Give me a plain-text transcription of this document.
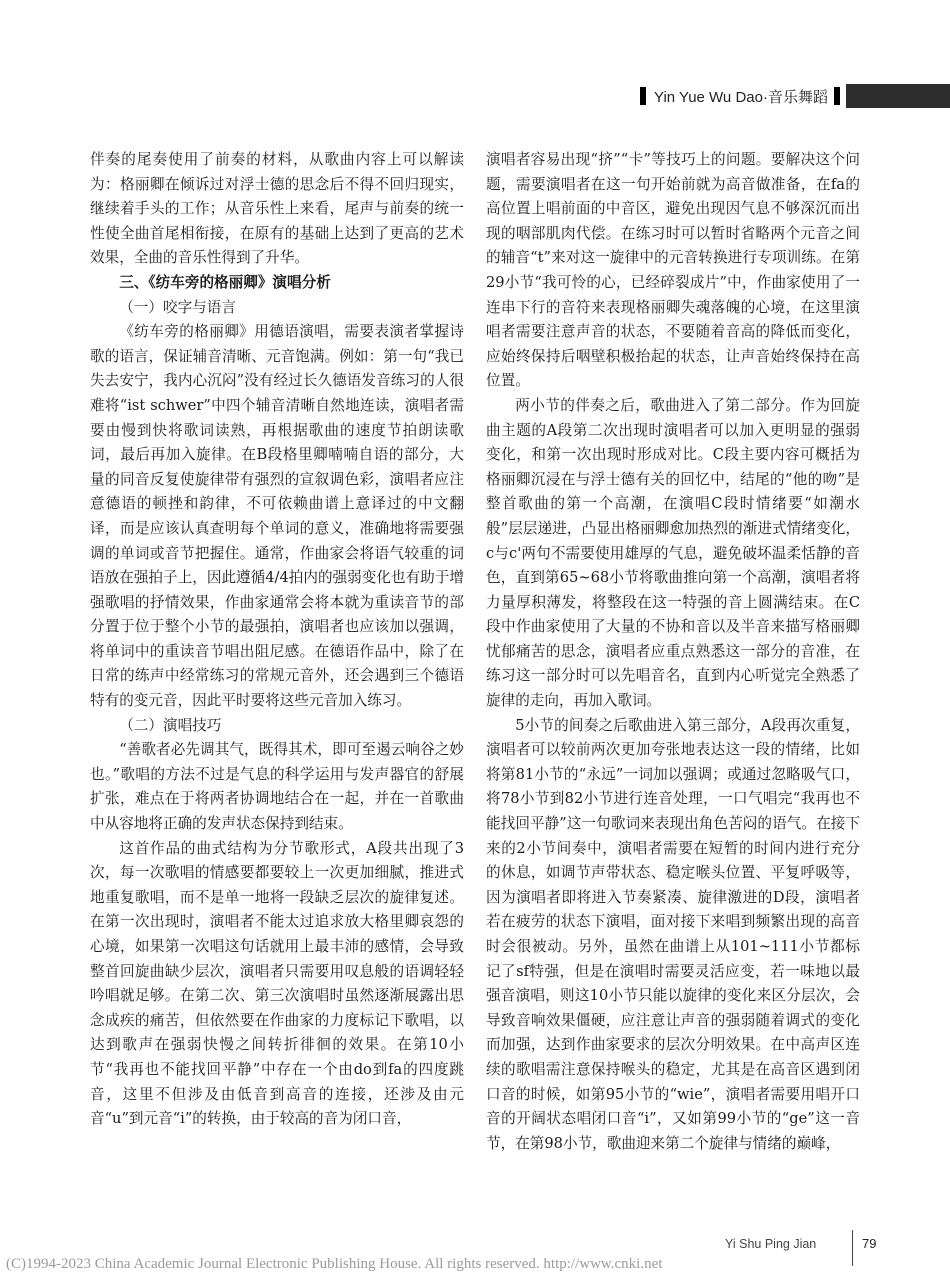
Yin Yue Wu Dao·音乐舞蹈

伴奏的尾奏使用了前奏的材料，从歌曲内容上可以解读为：格丽卿在倾诉过对浮士德的思念后不得不回归现实，继续着手头的工作；从音乐性上来看，尾声与前奏的统一性使全曲首尾相衔接，在原有的基础上达到了更高的艺术效果，全曲的音乐性得到了升华。

三、《纺车旁的格丽卿》演唱分析
（一）咬字与语言

《纺车旁的格丽卿》用德语演唱，需要表演者掌握诗歌的语言，保证辅音清晰、元音饱满。例如：第一句“我已失去安宁，我内心沉闷”没有经过长久德语发音练习的人很难将“ist schwer”中四个辅音清晰自然地连读，演唱者需要由慢到快将歌词读熟，再根据歌曲的速度节拍朗读歌词，最后再加入旋律。在B段格里卿喃喃自语的部分，大量的同音反复使旋律带有强烈的宣叙调色彩，演唱者应注意德语的顿挫和韵律，不可依赖曲谱上意译过的中文翻译，而是应该认真查明每个单词的意义，准确地将需要强调的单词或音节把握住。通常，作曲家会将语气较重的词语放在强拍子上，因此遵循4/4拍内的强弱变化也有助于增强歌唱的抒情效果，作曲家通常会将本就为重读音节的部分置于位于整个小节的最强拍，演唱者也应该加以强调，将单词中的重读音节唱出阻尼感。在德语作品中，除了在日常的练声中经常练习的常规元音外，还会遇到三个德语特有的变元音，因此平时要将这些元音加入练习。

（二）演唱技巧

“善歌者必先调其气，既得其术，即可至遏云响谷之妙也。”歌唱的方法不过是气息的科学运用与发声器官的舒展扩张，难点在于将两者协调地结合在一起，并在一首歌曲中从容地将正确的发声状态保持到结束。

这首作品的曲式结构为分节歌形式，A段共出现了3次，每一次歌唱的情感要都要较上一次更加细腻，推进式地重复歌唱，而不是单一地将一段缺乏层次的旋律复述。在第一次出现时，演唱者不能太过追求放大格里卿哀怨的心境，如果第一次唱这句话就用上最丰沛的感情，会导致整首回旋曲缺少层次，演唱者只需要用叹息般的语调轻轻吟唱就足够。在第二次、第三次演唱时虽然逐渐展露出思念成疾的痛苦，但依然要在作曲家的力度标记下歌唱，以达到歌声在强弱快慢之间转折徘徊的效果。在第10小节“我再也不能找回平静”中存在一个由do到fa的四度跳音，这里不但涉及由低音到高音的连接，还涉及由元音“u”到元音“i”的转换，由于较高的音为闭口音，

演唱者容易出现“挤”“卡”等技巧上的问题。要解决这个问题，需要演唱者在这一句开始前就为高音做准备，在fa的高位置上唱前面的中音区，避免出现因气息不够深沉而出现的咽部肌肉代偿。在练习时可以暂时省略两个元音之间的辅音“t”来对这一旋律中的元音转换进行专项训练。在第29小节“我可怜的心，已经碎裂成片”中，作曲家使用了一连串下行的音符来表现格丽卿失魂落魄的心境，在这里演唱者需要注意声音的状态，不要随着音高的降低而变化，应始终保持后咽壁积极抬起的状态，让声音始终保持在高位置。

两小节的伴奏之后，歌曲进入了第二部分。作为回旋曲主题的A段第二次出现时演唱者可以加入更明显的强弱变化，和第一次出现时形成对比。C段主要内容可概括为格丽卿沉浸在与浮士德有关的回忆中，结尾的“他的吻”是整首歌曲的第一个高潮，在演唱C段时情绪要“如潮水般”层层递进，凸显出格丽卿愈加热烈的渐进式情绪变化，c与c'两句不需要使用雄厚的气息，避免破坏温柔恬静的音色，直到第65~68小节将歌曲推向第一个高潮，演唱者将力量厚积薄发，将整段在这一特强的音上圆满结束。在C段中作曲家使用了大量的不协和音以及半音来描写格丽卿忧郁痛苦的思念，演唱者应重点熟悉这一部分的音准，在练习这一部分时可以先唱音名，直到内心听觉完全熟悉了旋律的走向，再加入歌词。

5小节的间奏之后歌曲进入第三部分，A段再次重复，演唱者可以较前两次更加夸张地表达这一段的情绪，比如将第81小节的“永远”一词加以强调；或通过忽略吸气口，将78小节到82小节进行连音处理，一口气唱完“我再也不能找回平静”这一句歌词来表现出角色苦闷的语气。在接下来的2小节间奏中，演唱者需要在短暂的时间内进行充分的休息，如调节声带状态、稳定喉头位置、平复呼吸等，因为演唱者即将进入节奏紧凑、旋律激进的D段，演唱者若在疲劳的状态下演唱，面对接下来唱到频繁出现的高音时会很被动。另外，虽然在曲谱上从101~111小节都标记了sf特强，但是在演唱时需要灵活应变，若一味地以最强音演唱，则这10小节只能以旋律的变化来区分层次，会导致音响效果僵硬，应注意让声音的强弱随着调式的变化而加强，达到作曲家要求的层次分明效果。在中高声区连续的歌唱需注意保持喉头的稳定，尤其是在高音区遇到闭口音的时候，如第95小节的“wie”，演唱者需要用唱开口音的开阔状态唱闭口音“i”，又如第99小节的“ge”这一音节，在第98小节，歌曲迎来第二个旋律与情绪的巅峰，

Yi Shu Ping Jian	79
(C)1994-2023 China Academic Journal Electronic Publishing House. All rights reserved. http://www.cnki.net
